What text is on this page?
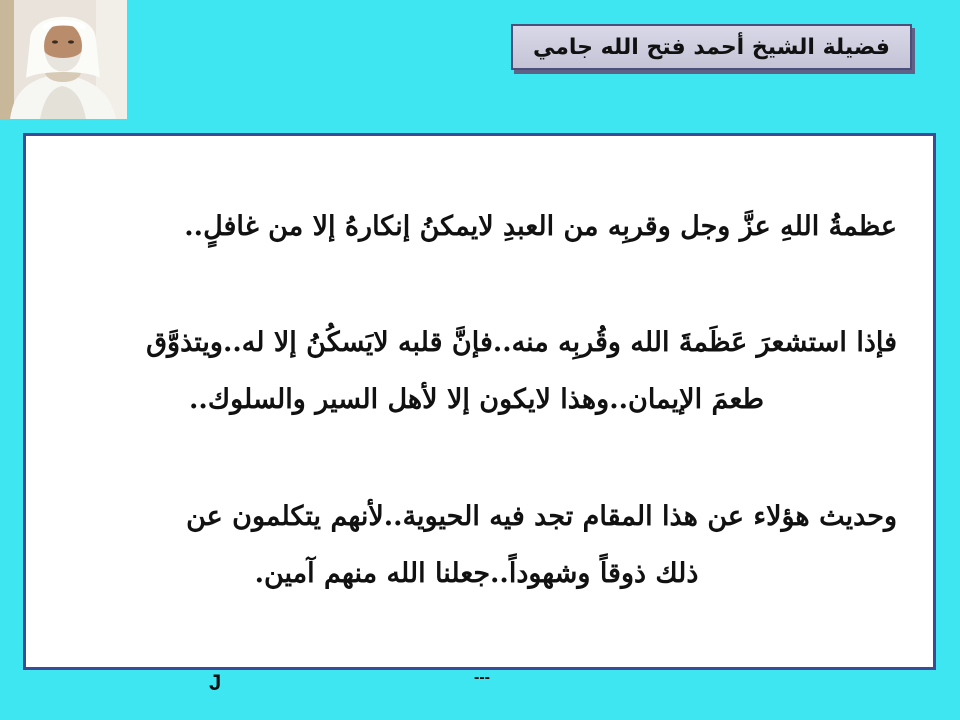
فضيلة الشيخ أحمد فتح الله جامي
عظمةُ اللهِ عزَّ وجل وقربِه من العبدِ لايمكنُ إنكارهُ إلا من غافلٍ..
فإذا استشعرَ عَظَمةَ الله وقُربِه منه..فإنَّ قلبه لايَسكُنُ إلا له..ويتذوَّق
طعمَ الإيمان..وهذا لايكون إلا لأهل السير والسلوك..
وحديث هؤلاء عن هذا المقام تجد فيه الحيوية..لأنهم يتكلمون عن
ذلك ذوقاً وشهوداً..جعلنا الله منهم آمين.
J	---
